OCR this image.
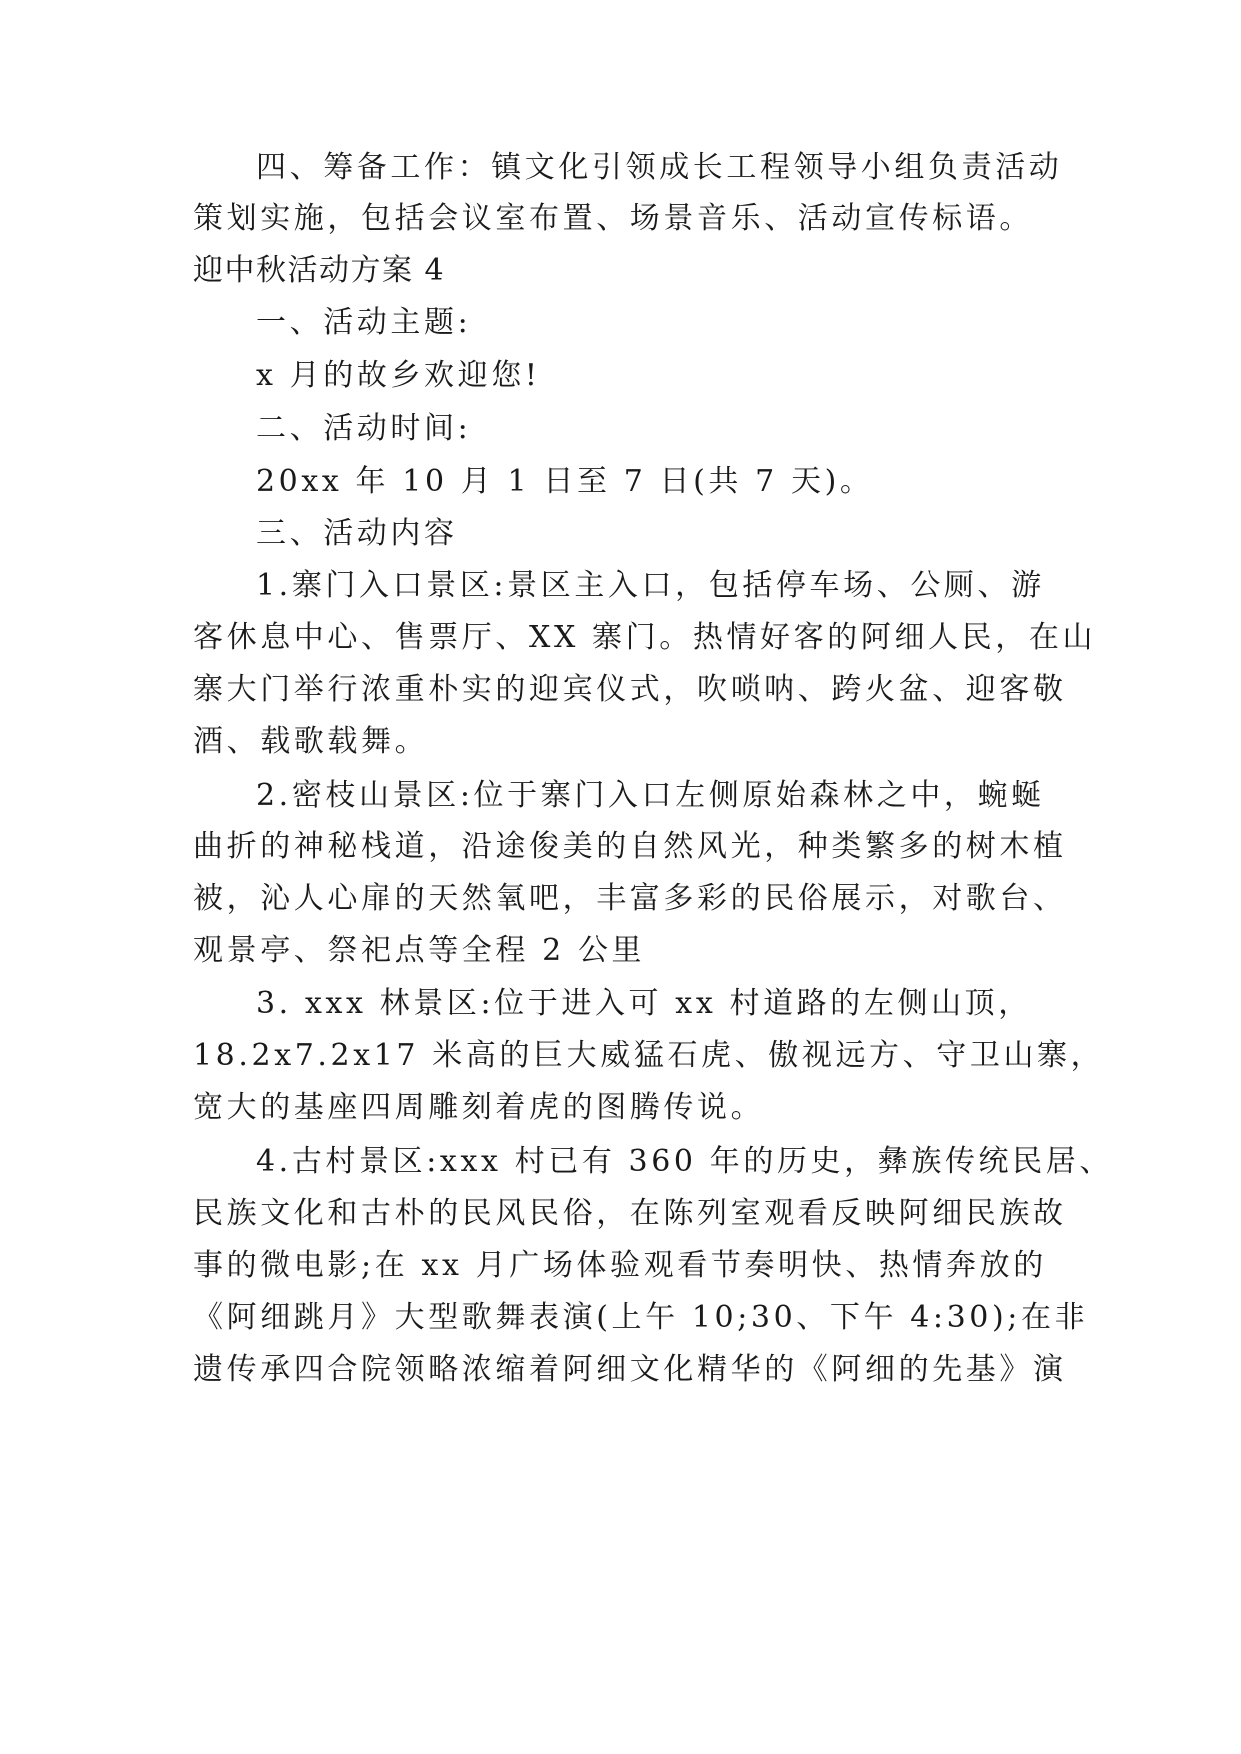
四、筹备工作：镇文化引领成长工程领导小组负责活动

策划实施，包括会议室布置、场景音乐、活动宣传标语。

迎中秋活动方案 4

一、活动主题:

x 月的故乡欢迎您!

二、活动时间:

20xx 年 10 月 1 日至 7 日(共 7 天)。

三、活动内容

1.寨门入口景区:景区主入口，包括停车场、公厕、游

客休息中心、售票厅、XX 寨门。热情好客的阿细人民，在山

寨大门举行浓重朴实的迎宾仪式，吹唢呐、跨火盆、迎客敬

酒、载歌载舞。

2.密枝山景区:位于寨门入口左侧原始森林之中，蜿蜒

曲折的神秘栈道，沿途俊美的自然风光，种类繁多的树木植

被，沁人心扉的天然氧吧，丰富多彩的民俗展示，对歌台、

观景亭、祭祀点等全程 2 公里

3. xxx 林景区:位于进入可 xx 村道路的左侧山顶，

18.2x7.2x17 米高的巨大威猛石虎、傲视远方、守卫山寨，

宽大的基座四周雕刻着虎的图腾传说。

4.古村景区:xxx 村已有 360 年的历史，彝族传统民居、

民族文化和古朴的民风民俗，在陈列室观看反映阿细民族故

事的微电影;在 xx 月广场体验观看节奏明快、热情奔放的

《阿细跳月》大型歌舞表演(上午 10;30、下午 4:30);在非

遗传承四合院领略浓缩着阿细文化精华的《阿细的先基》演
